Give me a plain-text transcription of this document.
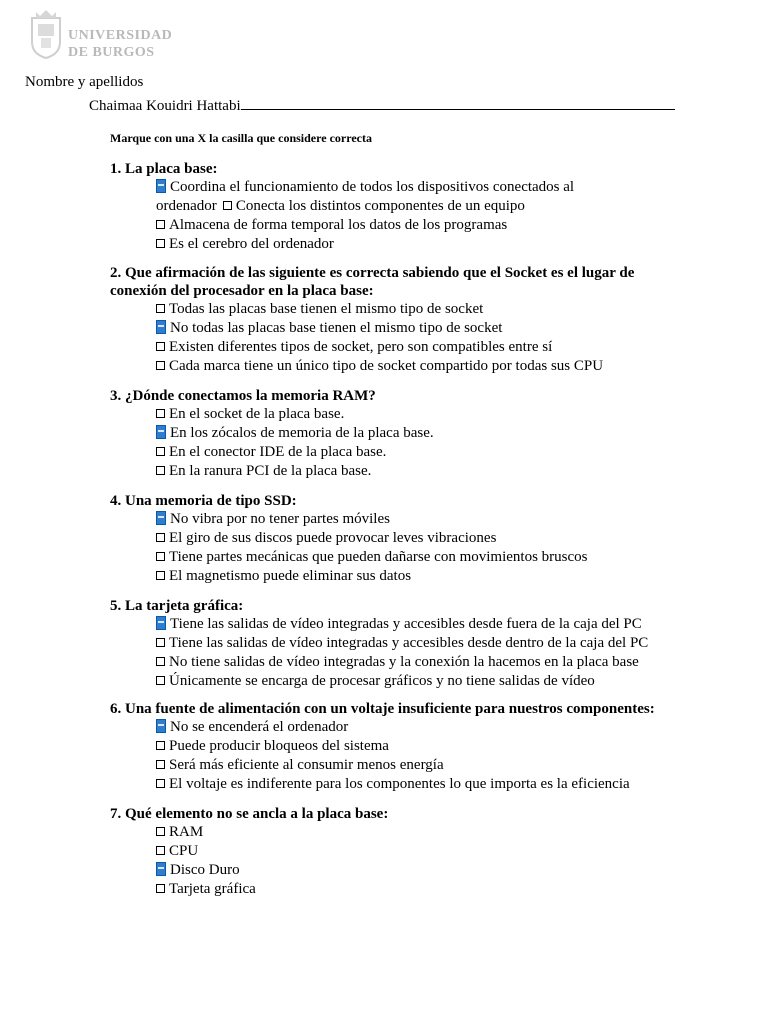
UNIVERSIDAD
DE BURGOS
Nombre y apellidos
Chaimaa Kouidri Hattabi
Marque con una X la casilla que considere correcta
1. La placa base:
Coordina el funcionamiento de todos los dispositivos conectados al
ordenador Conecta los distintos componentes de un equipo
Almacena de forma temporal los datos de los programas
Es el cerebro del ordenador
2. Que afirmación de las siguiente es correcta sabiendo que el Socket es el lugar de
conexión del procesador en la placa base:
Todas las placas base tienen el mismo tipo de socket
No todas las placas base tienen el mismo tipo de socket
Existen diferentes tipos de socket, pero son compatibles entre sí
Cada marca tiene un único tipo de socket compartido por todas sus CPU
3. ¿Dónde conectamos la memoria RAM?
En el socket de la placa base.
En los zócalos de memoria de la placa base.
En el conector IDE de la placa base.
En la ranura PCI de la placa base.
4. Una memoria de tipo SSD:
No vibra por no tener partes móviles
El giro de sus discos puede provocar leves vibraciones
Tiene partes mecánicas que pueden dañarse con movimientos bruscos
El magnetismo puede eliminar sus datos
5. La tarjeta gráfica:
Tiene las salidas de vídeo integradas y accesibles desde fuera de la caja del PC
Tiene las salidas de vídeo integradas y accesibles desde dentro de la caja del PC
No tiene salidas de vídeo integradas y la conexión la hacemos en la placa base
Únicamente se encarga de procesar gráficos y no tiene salidas de vídeo
6. Una fuente de alimentación con un voltaje insuficiente para nuestros componentes:
No se encenderá el ordenador
Puede producir bloqueos del sistema
Será más eficiente al consumir menos energía
El voltaje es indiferente para los componentes lo que importa es la eficiencia
7. Qué elemento no se ancla a la placa base:
RAM
CPU
Disco Duro
Tarjeta gráfica
